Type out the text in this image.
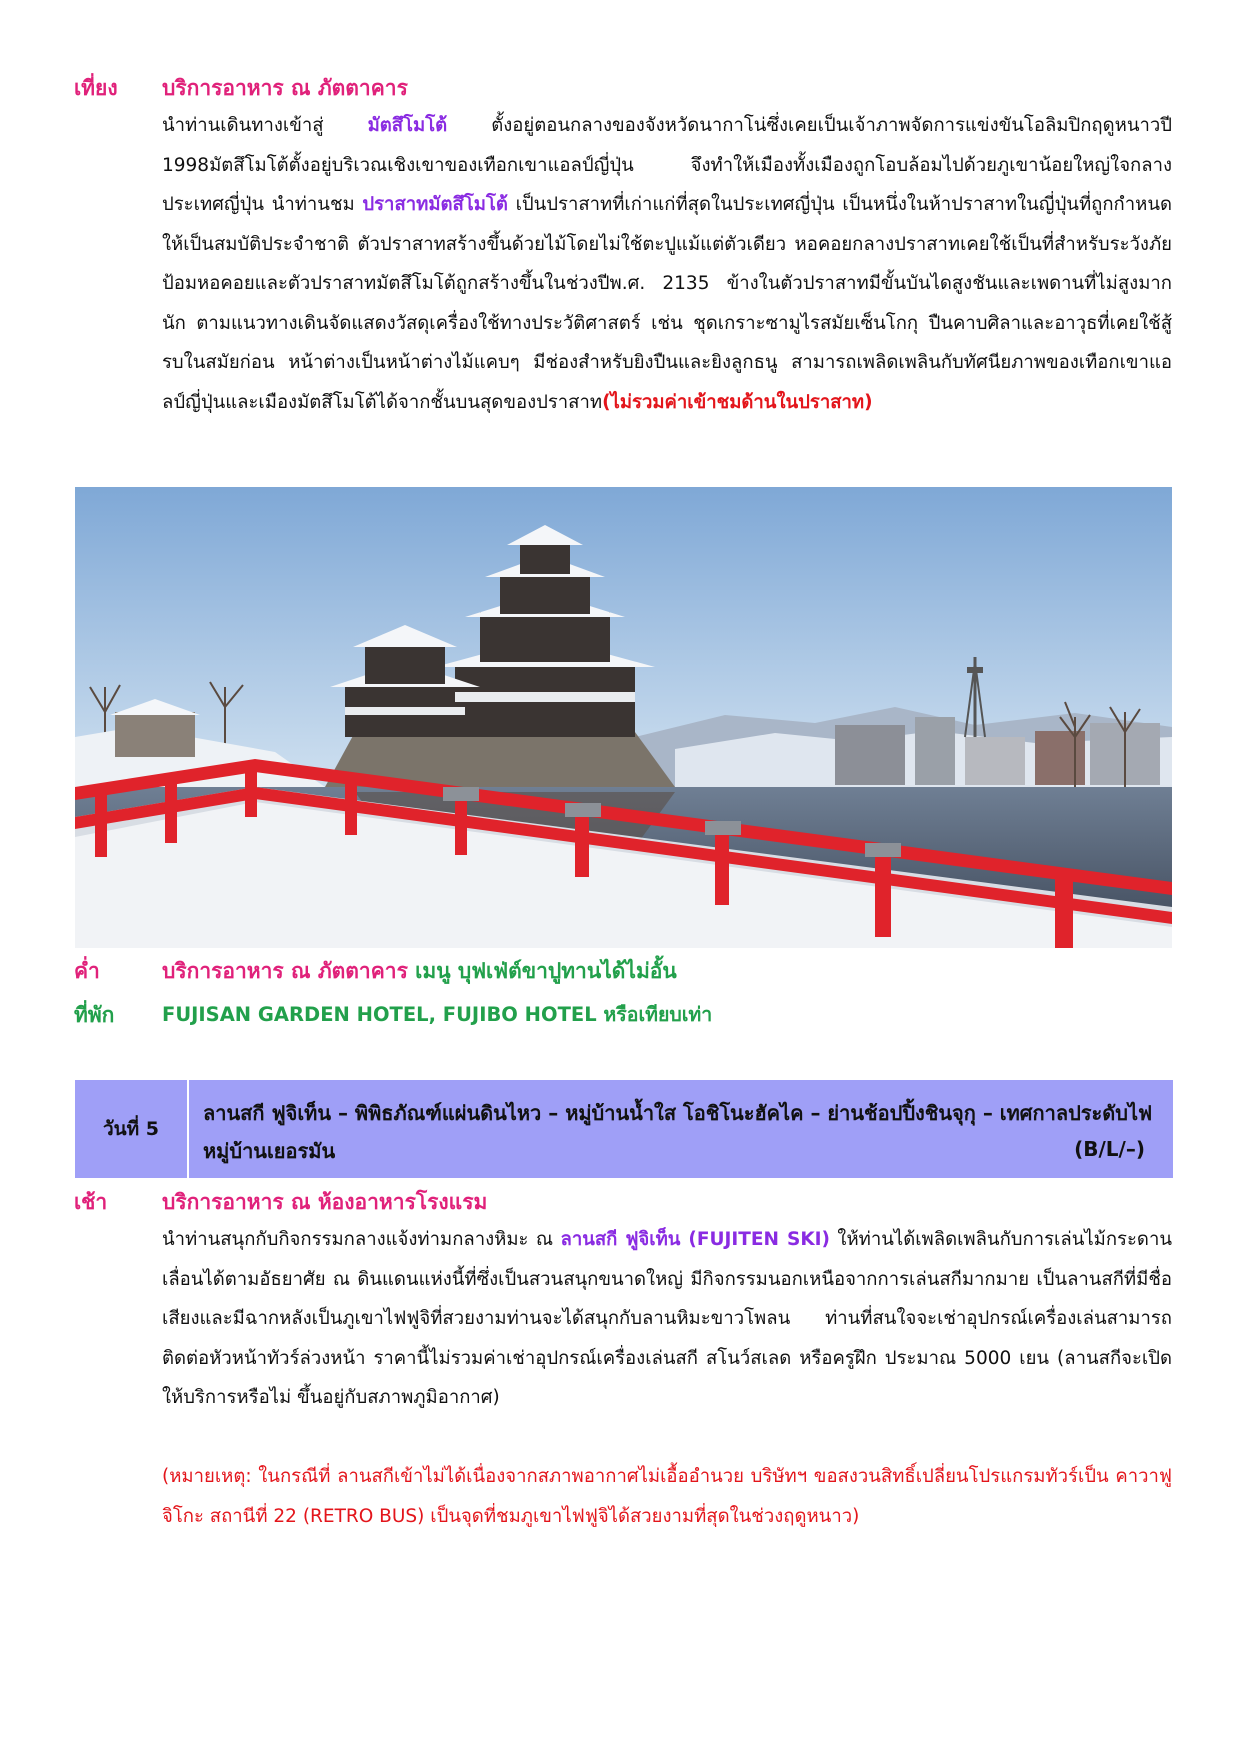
เที่ยง บริการอาหาร ณ ภัตตาคาร
นำท่านเดินทางเข้าสู่ มัตสึโมโต้ ตั้งอยู่ตอนกลางของจังหวัดนากาโน่ซึ่งเคยเป็นเจ้าภาพจัดการแข่งขันโอลิมปิกฤดูหนาวปี 1998มัตสึโมโต้ตั้งอยู่บริเวณเชิงเขาของเทือกเขาแอลป์ญี่ปุ่น จึงทำให้เมืองทั้งเมืองถูกโอบล้อมไปด้วยภูเขาน้อยใหญ่ใจกลางประเทศญี่ปุ่น นำท่านชม ปราสาทมัตสึโมโต้ เป็นปราสาทที่เก่าแก่ที่สุดในประเทศญี่ปุ่น เป็นหนึ่งในห้าปราสาทในญี่ปุ่นที่ถูกกำหนดให้เป็นสมบัติประจำชาติ ตัวปราสาทสร้างขึ้นด้วยไม้โดยไม่ใช้ตะปูแม้แต่ตัวเดียว หอคอยกลางปราสาทเคยใช้เป็นที่สำหรับระวังภัย ป้อมหอคอยและตัวปราสาทมัตสึโมโต้ถูกสร้างขึ้นในช่วงปีพ.ศ. 2135 ข้างในตัวปราสาทมีขั้นบันไดสูงชันและเพดานที่ไม่สูงมากนัก ตามแนวทางเดินจัดแสดงวัสดุเครื่องใช้ทางประวัติศาสตร์ เช่น ชุดเกราะซามูไรสมัยเซ็นโกกุ ปืนคาบศิลาและอาวุธที่เคยใช้สู้รบในสมัยก่อน หน้าต่างเป็นหน้าต่างไม้แคบๆ มีช่องสำหรับยิงปืนและยิงลูกธนู สามารถเพลิดเพลินกับทัศนียภาพของเทือกเขาแอลป์ญี่ปุ่นและเมืองมัตสึโมโต้ได้จากชั้นบนสุดของปราสาท(ไม่รวมค่าเข้าชมด้านในปราสาท)
ค่ำ	บริการอาหาร ณ ภัตตาคาร เมนู บุฟเฟ่ต์ขาปูทานได้ไม่อั้น
ที่พัก FUJISAN GARDEN HOTEL, FUJIBO HOTEL หรือเทียบเท่า
วันที่ 5
ลานสกี ฟูจิเท็น – พิพิธภัณฑ์แผ่นดินไหว – หมู่บ้านน้ำใส โอชิโนะฮัคไค – ย่านช้อปปิ้งชินจุกุ – เทศกาลประดับไฟหมู่บ้านเยอรมัน	(B/L/–)
เช้า	บริการอาหาร ณ ห้องอาหารโรงแรม
นำท่านสนุกกับกิจกรรมกลางแจ้งท่ามกลางหิมะ ณ ลานสกี ฟูจิเท็น (FUJITEN SKI) ให้ท่านได้เพลิดเพลินกับการเล่นไม้กระดานเลื่อนได้ตามอัธยาศัย ณ ดินแดนแห่งนี้ที่ซึ่งเป็นสวนสนุกขนาดใหญ่ มีกิจกรรมนอกเหนือจากการเล่นสกีมากมาย เป็นลานสกีที่มีชื่อเสียงและมีฉากหลังเป็นภูเขาไฟฟูจิที่สวยงามท่านจะได้สนุกกับลานหิมะขาวโพลน ท่านที่สนใจจะเช่าอุปกรณ์เครื่องเล่นสามารถติดต่อหัวหน้าทัวร์ล่วงหน้า ราคานี้ไม่รวมค่าเช่าอุปกรณ์เครื่องเล่นสกี สโนว์สเลด หรือครูฝึก ประมาณ 5000 เยน (ลานสกีจะเปิดให้บริการหรือไม่ ขึ้นอยู่กับสภาพภูมิอากาศ)
(หมายเหตุ: ในกรณีที่ ลานสกีเข้าไม่ได้เนื่องจากสภาพอากาศไม่เอื้ออำนวย บริษัทฯ ขอสงวนสิทธิ์เปลี่ยนโปรแกรมทัวร์เป็น คาวาฟูจิโกะ สถานีที่ 22 (RETRO BUS) เป็นจุดที่ชมภูเขาไฟฟูจิได้สวยงามที่สุดในช่วงฤดูหนาว)
